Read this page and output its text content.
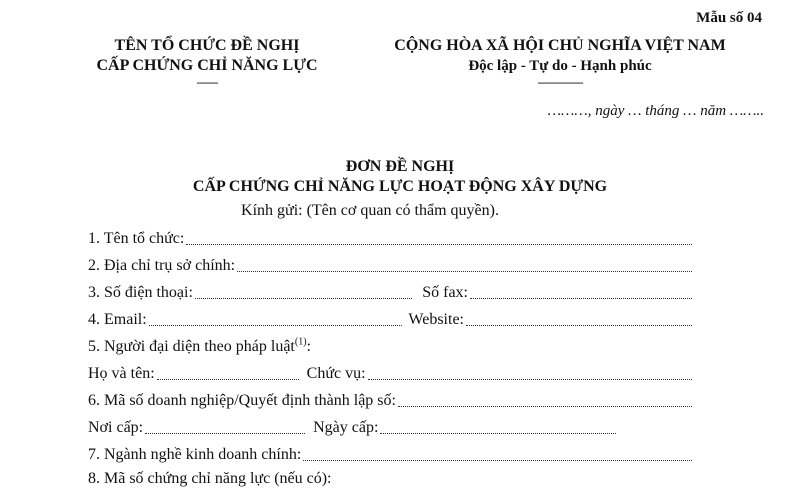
Mẫu số 04
TÊN TỔ CHỨC ĐỀ NGHỊ
CẤP CHỨNG CHỈ NĂNG LỰC
-------
CỘNG HÒA XÃ HỘI CHỦ NGHĨA VIỆT NAM
Độc lập - Tự do - Hạnh phúc
---------------
………, ngày … tháng … năm ……..
ĐƠN ĐỀ NGHỊ
CẤP CHỨNG CHỈ NĂNG LỰC HOẠT ĐỘNG XÂY DỰNG
Kính gửi: (Tên cơ quan có thẩm quyền).
1. Tên tổ chức:
2. Địa chỉ trụ sở chính:
3. Số điện thoại:	Số fax:
4. Email:	Website:
5. Người đại diện theo pháp luật$^{(1)}$:
Họ và tên:	Chức vụ:
6. Mã số doanh nghiệp/Quyết định thành lập số:
Nơi cấp:	Ngày cấp:
7. Ngành nghề kinh doanh chính:
8. Mã số chứng chỉ năng lực (nếu có):
